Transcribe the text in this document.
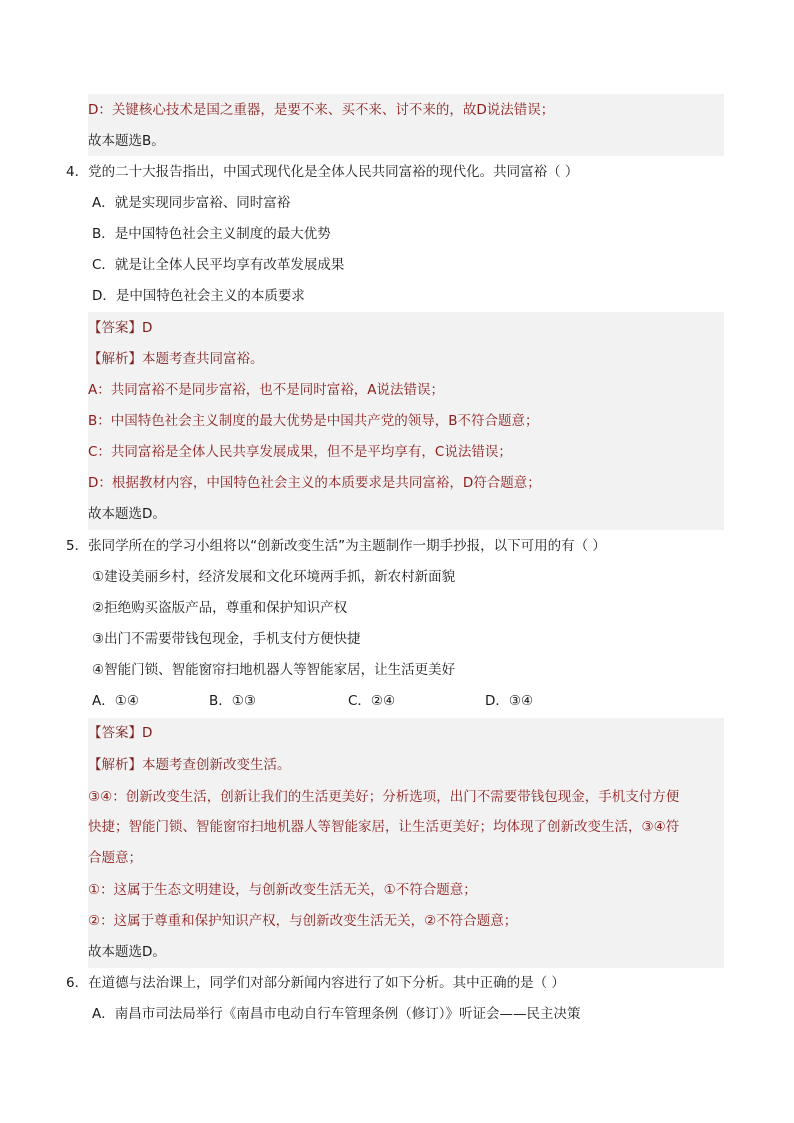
D：关键核心技术是国之重器，是要不来、买不来、讨不来的，故D说法错误；
故本题选B。
4．党的二十大报告指出，中国式现代化是全体人民共同富裕的现代化。共同富裕（ ）
A．就是实现同步富裕、同时富裕
B．是中国特色社会主义制度的最大优势
C．就是让全体人民平均享有改革发展成果
D．是中国特色社会主义的本质要求
【答案】D
【解析】本题考查共同富裕。
A：共同富裕不是同步富裕，也不是同时富裕，A说法错误；
B：中国特色社会主义制度的最大优势是中国共产党的领导，B不符合题意；
C：共同富裕是全体人民共享发展成果，但不是平均享有，C说法错误；
D：根据教材内容，中国特色社会主义的本质要求是共同富裕，D符合题意；
故本题选D。
5．张同学所在的学习小组将以“创新改变生活”为主题制作一期手抄报，以下可用的有（ ）
①建设美丽乡村，经济发展和文化环境两手抓，新农村新面貌
②拒绝购买盗版产品，尊重和保护知识产权
③出门不需要带钱包现金，手机支付方便快捷
④智能门锁、智能窗帘扫地机器人等智能家居，让生活更美好
A．①④	B．①③	C．②④	D．③④
【答案】D
【解析】本题考查创新改变生活。
③④：创新改变生活，创新让我们的生活更美好；分析选项，出门不需要带钱包现金，手机支付方便
快捷；智能门锁、智能窗帘扫地机器人等智能家居，让生活更美好；均体现了创新改变生活，③④符
合题意；
①：这属于生态文明建设，与创新改变生活无关，①不符合题意；
②：这属于尊重和保护知识产权，与创新改变生活无关，②不符合题意；
故本题选D。
6．在道德与法治课上，同学们对部分新闻内容进行了如下分析。其中正确的是（ ）
A．南昌市司法局举行《南昌市电动自行车管理条例（修订）》听证会——民主决策
